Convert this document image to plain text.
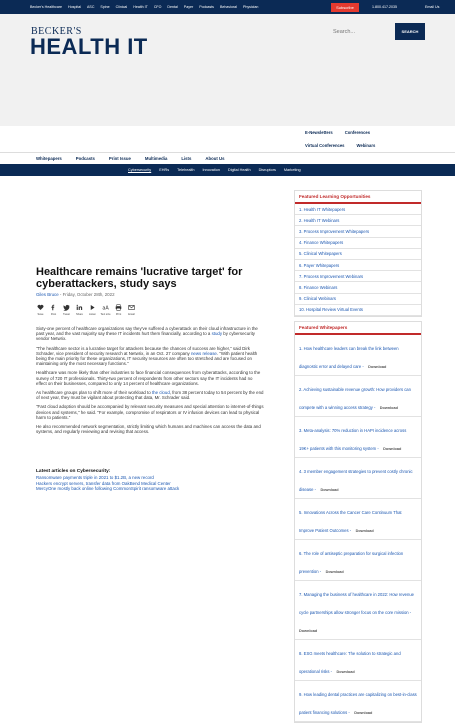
Becker's Healthcare Hospital ASC Spine Clinical Health IT CFO Dental Payer Podcasts Behavioral Physician	Subscribe	1.800.417.2035	Email Us
BECKER'S
HEALTH IT
Search...
SEARCH
E-Newsletters	Conferences
Virtual Conferences	Webinars
Whitepapers	Podcasts	Print Issue	Multimedia	Lists	About Us
Cybersecurity EHRs Telehealth Innovation Digital Health Disruptors Marketing
Healthcare remains 'lucrative target' for cyberattackers, study says
Giles Bruce - Friday, October 28th, 2022
Save	Post	Tweet Share Listen
aA
Text size Print	Email

Sixty-one percent of healthcare organizations say they've suffered a cyberattack on their cloud infrastructure in the past year, and the vast majority say these IT incidents hurt them financially, according to a study by cybersecurity vendor Netwrix.

"The healthcare sector is a lucrative target for attackers because the chances of success are higher," said Dirk Schrader, vice president of security research at Netwrix, in an Oct. 27 company news release. "With patient health being the main priority for these organizations, IT security resources are often too stretched and are focused on maintaining only the most necessary functions."

Healthcare was more likely than other industries to face financial consequences from cyberattacks, according to the survey of 720 IT professionals. Thirty-two percent of respondents from other sectors say the IT incidents had no effect on their businesses, compared to only 14 percent of healthcare organizations.

As healthcare groups plan to shift more of their workload to the cloud, from 38 percent today to 54 percent by the end of next year, they must be vigilant about protecting that data, Mr. Schrader said.

"Fast cloud adoption should be accompanied by relevant security measures and special attention to internet-of-things devices and systems," he said. "For example, compromise of respirators or IV infusion devices can lead to physical harm to patients."

He also recommended network segmentation, strictly limiting which humans and machines can access the data and systems, and regularly reviewing and revising that access.

Latest articles on Cybersecurity:
Ransomware payments triple in 2021 to $1.2B, a new record
Hackers encrypt servers, transfer data from OakBend Medical Center
MercyOne mostly back online following CommonSpirit ransomware attack
Featured Learning Opportunities
1. Health IT Whitepapers
2. Health IT Webinars
3. Process Improvement Whitepapers
4. Finance Whitepapers
5. Clinical Whitepapers
6. Payer Whitepapers
7. Process Improvement Webinars
8. Finance Webinars
9. Clinical Webinars
10. Hospital Review Virtual Events
Featured Whitepapers
1. How healthcare leaders can break the link between diagnostic error and delayed care - Download
2. Achieving sustainable revenue growth: How providers can compete with a winning access strategy - Download
3. Meta-analysis: 70% reduction in HAPI incidence across 19K+ patients with this monitoring system - Download
4. 3 member engagement strategies to prevent costly chronic disease - Download
5. Innovations Across the Cancer Care Continuum That Improve Patient Outcomes - Download
6. The role of antiseptic preparation for surgical infection prevention - Download
7. Managing the business of healthcare in 2022: How revenue cycle partnerships allow stronger focus on the core mission - Download
8. ESG meets healthcare: The solution to strategic and operational risks - Download
9. How leading dental practices are capitalizing on best-in-class patient financing solutions - Download
